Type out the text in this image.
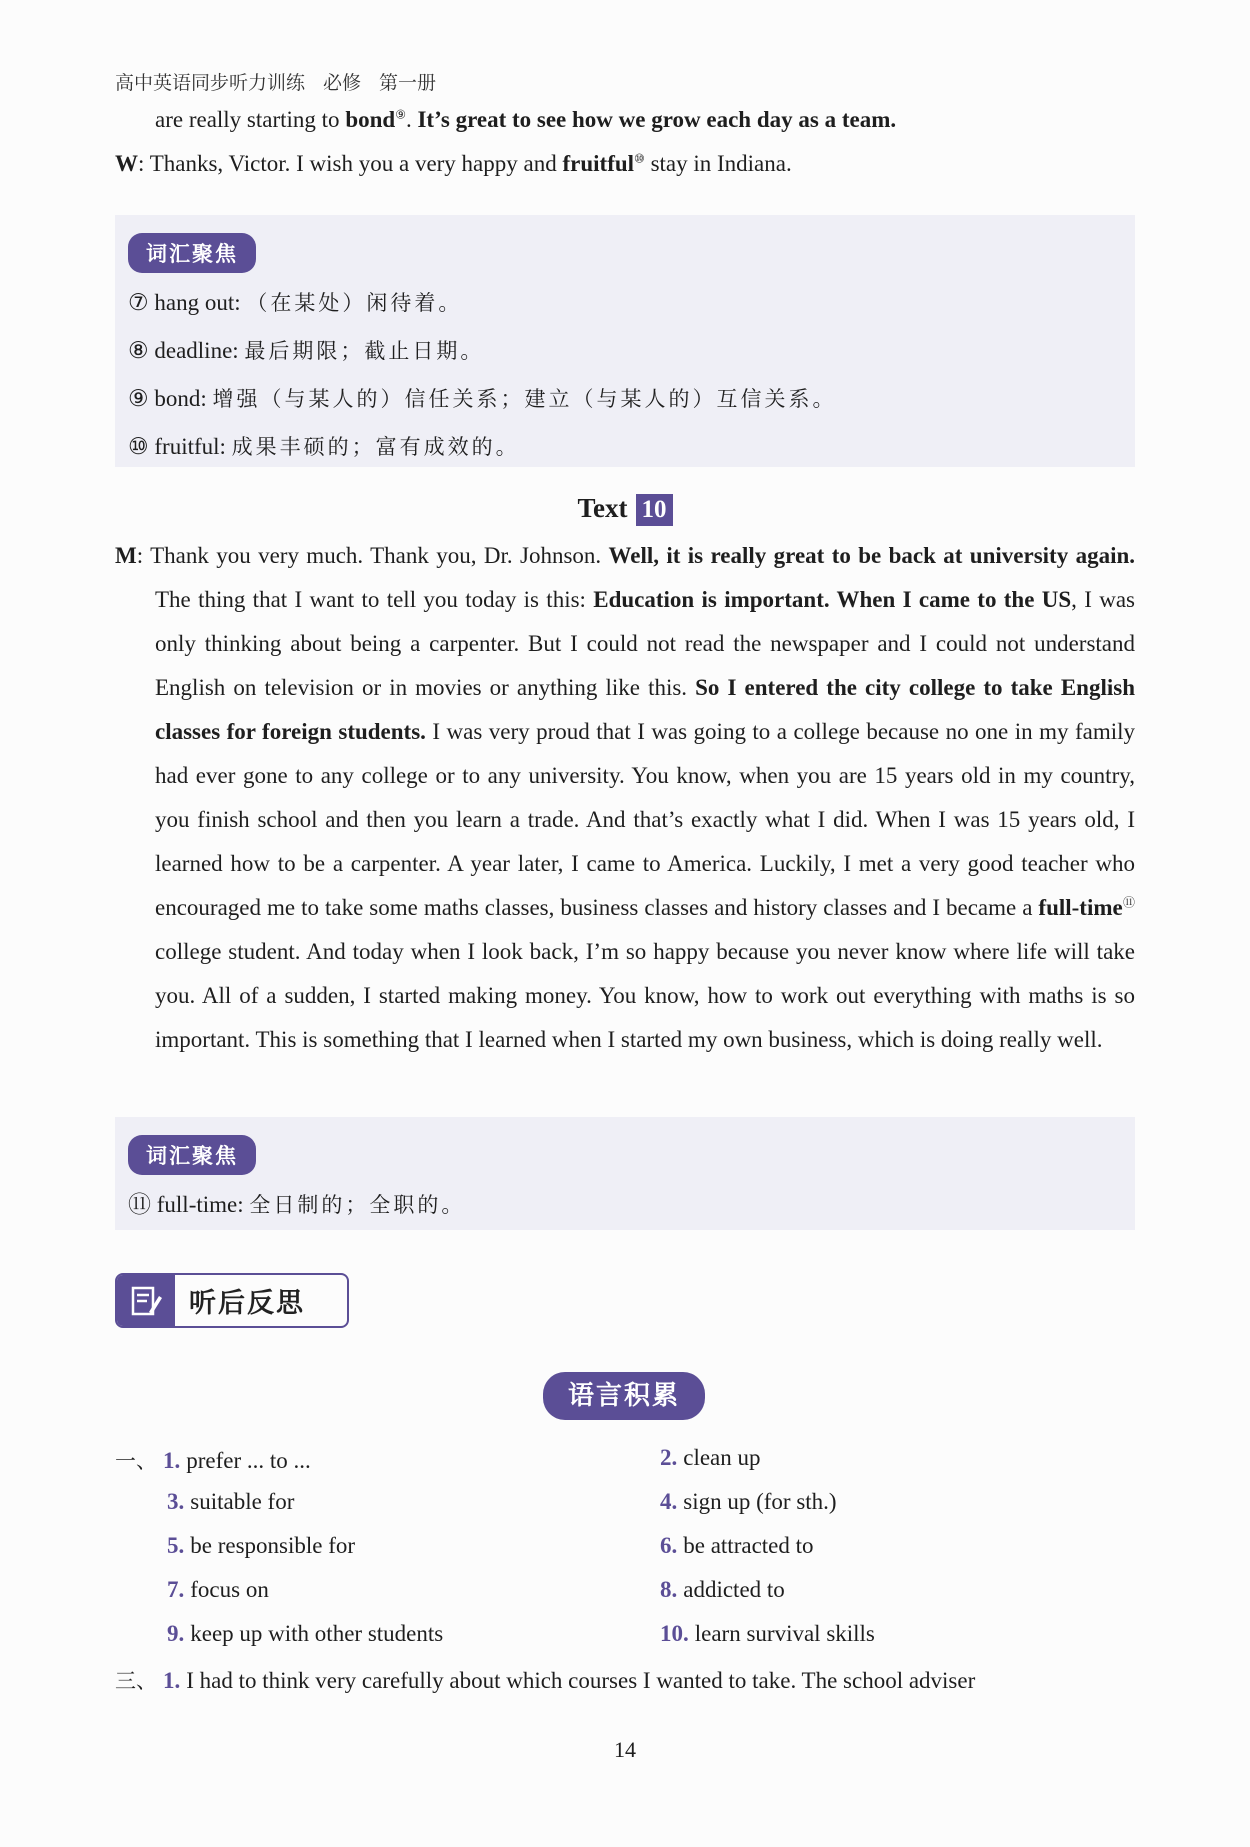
高中英语同步听力训练 必修 第一册
are really starting to bond⑨. It’s great to see how we grow each day as a team.
W: Thanks, Victor. I wish you a very happy and fruitful⑩ stay in Indiana.
词汇聚焦
⑦ hang out: （在某处）闲待着。
⑧ deadline: 最后期限；截止日期。
⑨ bond: 增强（与某人的）信任关系；建立（与某人的）互信关系。
⑩ fruitful: 成果丰硕的；富有成效的。
Text 10
M: Thank you very much. Thank you, Dr. Johnson. Well, it is really great to be back at university again. The thing that I want to tell you today is this: Education is important. When I came to the US, I was only thinking about being a carpenter. But I could not read the newspaper and I could not understand English on television or in movies or anything like this. So I entered the city college to take English classes for foreign students. I was very proud that I was going to a college because no one in my family had ever gone to any college or to any university. You know, when you are 15 years old in my country, you finish school and then you learn a trade. And that’s exactly what I did. When I was 15 years old, I learned how to be a carpenter. A year later, I came to America. Luckily, I met a very good teacher who encouraged me to take some maths classes, business classes and history classes and I became a full-time⑪ college student. And today when I look back, I’m so happy because you never know where life will take you. All of a sudden, I started making money. You know, how to work out everything with maths is so important. This is something that I learned when I started my own business, which is doing really well.
词汇聚焦
⑪ full-time: 全日制的；全职的。
听后反思
语言积累
一、 1. prefer ... to ...	2. clean up
3. suitable for	4. sign up (for sth.)
5. be responsible for	6. be attracted to
7. focus on	8. addicted to
9. keep up with other students	10. learn survival skills
三、 1. I had to think very carefully about which courses I wanted to take. The school adviser
14
